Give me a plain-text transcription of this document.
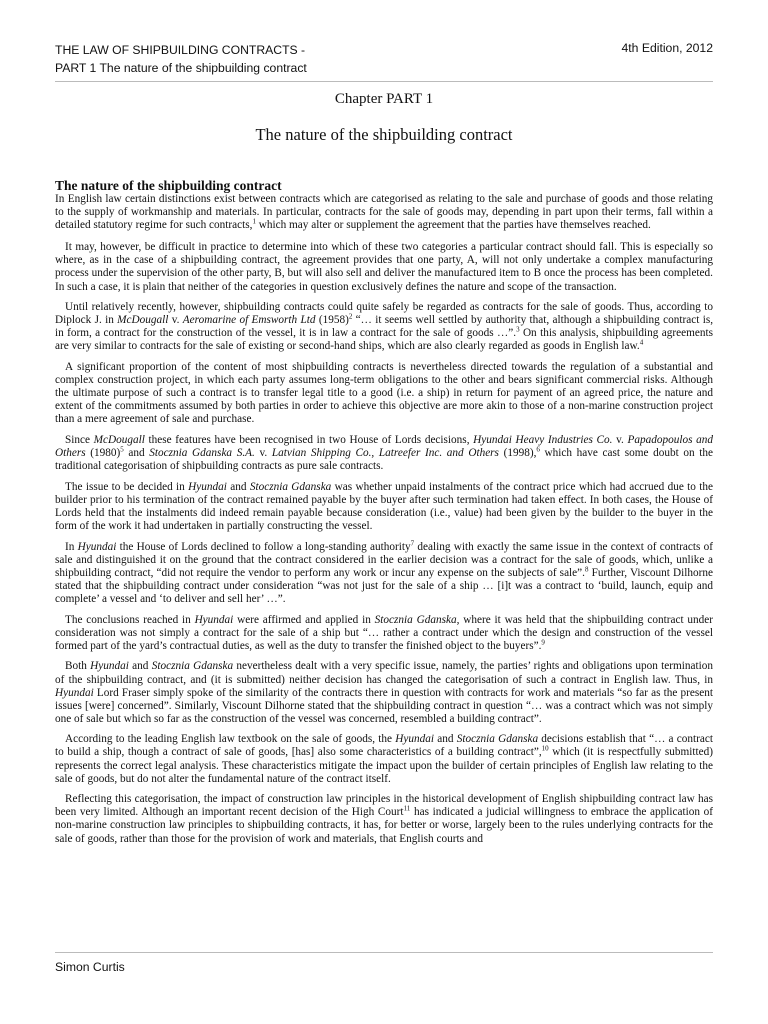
THE LAW OF SHIPBUILDING CONTRACTS -
PART 1 The nature of the shipbuilding contract
4th Edition, 2012
Chapter PART 1
The nature of the shipbuilding contract
The nature of the shipbuilding contract

In English law certain distinctions exist between contracts which are categorised as relating to the sale and purchase of goods and those relating to the supply of workmanship and materials. In particular, contracts for the sale of goods may, depending in part upon their terms, fall within a detailed statutory regime for such contracts,$^1$ which may alter or supplement the agreement that the parties have themselves reached.

It may, however, be difficult in practice to determine into which of these two categories a particular contract should fall. This is especially so where, as in the case of a shipbuilding contract, the agreement provides that one party, A, will not only undertake a complex manufacturing process under the supervision of the other party, B, but will also sell and deliver the manufactured item to B once the process has been completed. In such a case, it is plain that neither of the categories in question exclusively defines the nature and scope of the transaction.

Until relatively recently, however, shipbuilding contracts could quite safely be regarded as contracts for the sale of goods. Thus, according to Diplock J. in McDougall v. Aeromarine of Emsworth Ltd $(1958)^2$ “… it seems well settled by authority that, although a shipbuilding contract is, in form, a contract for the construction of the vessel, it is in law a contract for the sale of goods …”.$^3$ On this analysis, shipbuilding agreements are very similar to contracts for the sale of existing or second-hand ships, which are also clearly regarded as goods in English law.$^4$

A significant proportion of the content of most shipbuilding contracts is nevertheless directed towards the regulation of a substantial and complex construction project, in which each party assumes long-term obligations to the other and bears significant commercial risks. Although the ultimate purpose of such a contract is to transfer legal title to a good (i.e. a ship) in return for payment of an agreed price, the nature and extent of the commitments assumed by both parties in order to achieve this objective are more akin to those of a non-marine construction project than a mere agreement of sale and purchase.

Since McDougall these features have been recognised in two House of Lords decisions, Hyundai Heavy Industries Co. v. Papadopoulos and Others $(1980)^5$ and Stocznia Gdanska S.A. v. Latvian Shipping Co., Latreefer Inc. and Others (1998),$^6$ which have cast some doubt on the traditional categorisation of shipbuilding contracts as pure sale contracts.

The issue to be decided in Hyundai and Stocznia Gdanska was whether unpaid instalments of the contract price which had accrued due to the builder prior to his termination of the contract remained payable by the buyer after such termination had taken effect. In both cases, the House of Lords held that the instalments did indeed remain payable because consideration (i.e., value) had been given by the builder to the buyer in the form of the work it had undertaken in partially constructing the vessel.

In Hyundai the House of Lords declined to follow a long-standing authority$^7$ dealing with exactly the same issue in the context of contracts of sale and distinguished it on the ground that the contract considered in the earlier decision was a contract for the sale of goods, which, unlike a shipbuilding contract, “did not require the vendor to perform any work or incur any expense on the subjects of sale”.$^8$ Further, Viscount Dilhorne stated that the shipbuilding contract under consideration “was not just for the sale of a ship … [i]t was a contract to ‘build, launch, equip and complete’ a vessel and ‘to deliver and sell her’ …”.

The conclusions reached in Hyundai were affirmed and applied in Stocznia Gdanska, where it was held that the shipbuilding contract under consideration was not simply a contract for the sale of a ship but “… rather a contract under which the design and construction of the vessel formed part of the yard’s contractual duties, as well as the duty to transfer the finished object to the buyers”.$^9$

Both Hyundai and Stocznia Gdanska nevertheless dealt with a very specific issue, namely, the parties’ rights and obligations upon termination of the shipbuilding contract, and (it is submitted) neither decision has changed the categorisation of such a contract in English law. Thus, in Hyundai Lord Fraser simply spoke of the similarity of the contracts there in question with contracts for work and materials “so far as the present issues [were] concerned”. Similarly, Viscount Dilhorne stated that the shipbuilding contract in question “… was a contract which was not simply one of sale but which so far as the construction of the vessel was concerned, resembled a building contract”.

According to the leading English law textbook on the sale of goods, the Hyundai and Stocznia Gdanska decisions establish that “… a contract to build a ship, though a contract of sale of goods, [has] also some characteristics of a building contract”,$^{10}$ which (it is respectfully submitted) represents the correct legal analysis. These characteristics mitigate the impact upon the builder of certain principles of English law relating to the sale of goods, but do not alter the fundamental nature of the contract itself.

Reflecting this categorisation, the impact of construction law principles in the historical development of English shipbuilding contract law has been very limited. Although an important recent decision of the High Court$^{11}$ has indicated a judicial willingness to embrace the application of non-marine construction law principles to shipbuilding contracts, it has, for better or worse, largely been to the rules underlying contracts for the sale of goods, rather than those for the provision of work and materials, that English courts and

Simon Curtis
